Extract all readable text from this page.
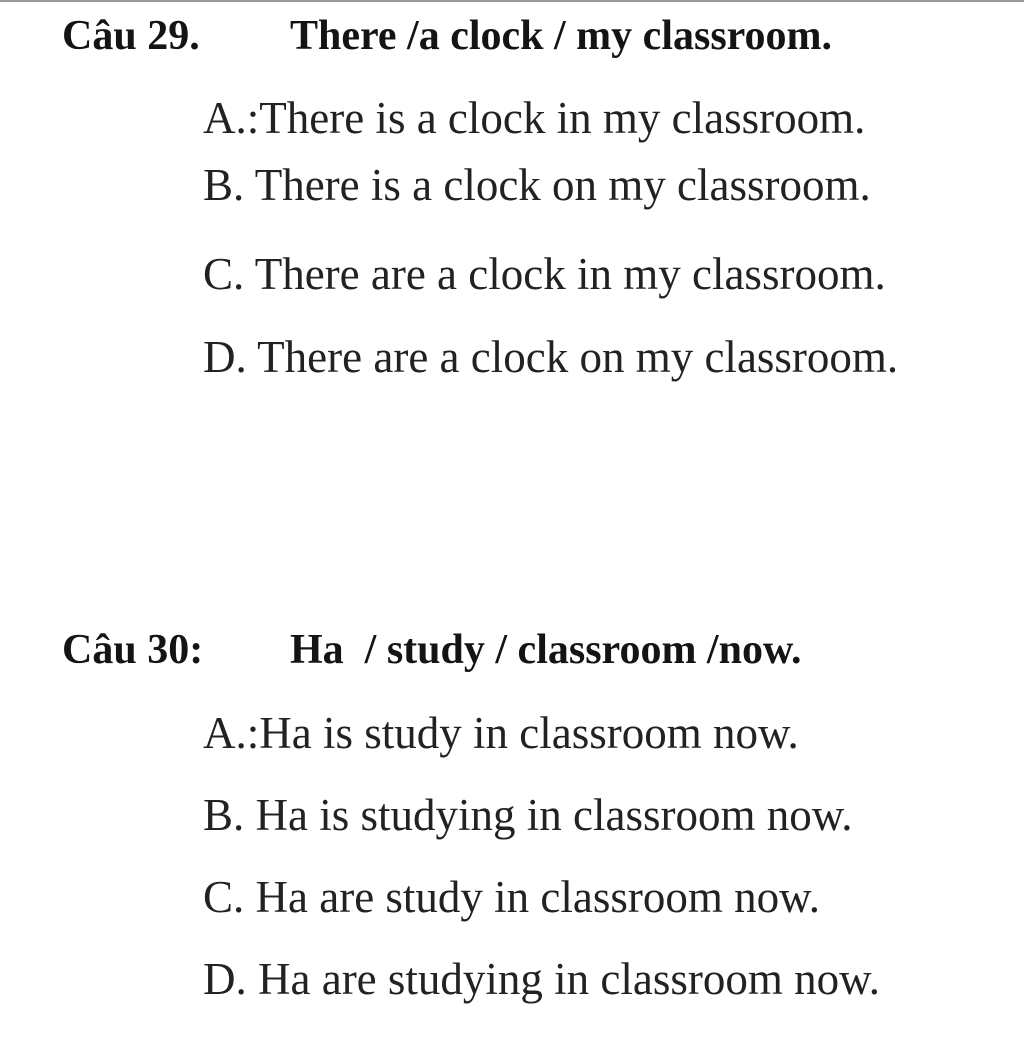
Câu 29. There /a clock / my classroom.
A.:There is a clock in my classroom.
B. There is a clock on my classroom.
C. There are a clock in my classroom.
D. There are a clock on my classroom.
Câu 30: Ha  / study / classroom /now.
A.:Ha is study in classroom now.
B. Ha is studying in classroom now.
C. Ha are study in classroom now.
D. Ha are studying in classroom now.
